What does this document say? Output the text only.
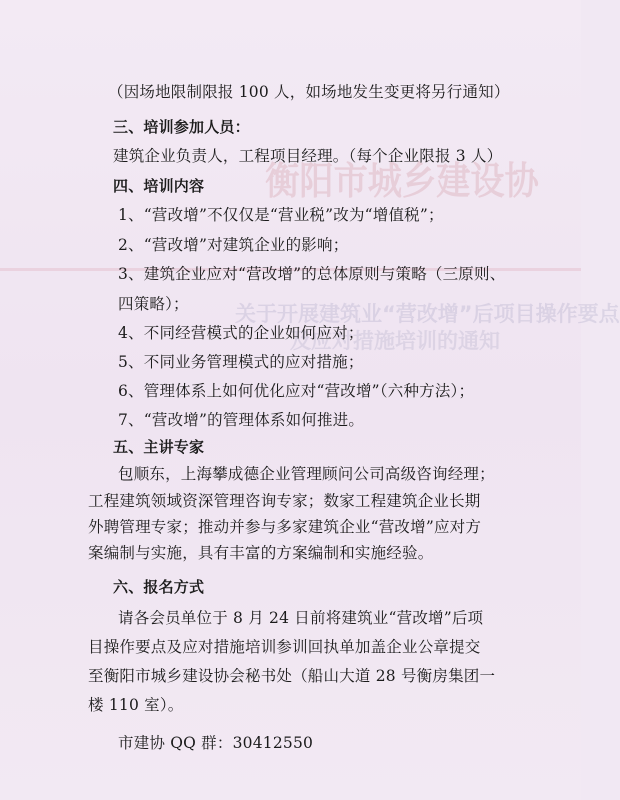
衡阳市城乡建设协
关于开展建筑业“营改增”后项目操作要点
及应对措施培训的通知
（因场地限制限报 100 人，如场地发生变更将另行通知）
三、培训参加人员：
建筑企业负责人，工程项目经理。（每个企业限报 3 人）
四、培训内容
1、“营改增”不仅仅是“营业税”改为“增值税”；
2、“营改增”对建筑企业的影响；
3、建筑企业应对“营改增”的总体原则与策略（三原则、
四策略）；
4、不同经营模式的企业如何应对；
5、不同业务管理模式的应对措施；
6、管理体系上如何优化应对“营改增”（六种方法）；
7、“营改增”的管理体系如何推进。
五、主讲专家
包顺东，上海攀成德企业管理顾问公司高级咨询经理；
工程建筑领域资深管理咨询专家；数家工程建筑企业长期
外聘管理专家；推动并参与多家建筑企业“营改增”应对方
案编制与实施，具有丰富的方案编制和实施经验。
六、报名方式
请各会员单位于 8 月 24 日前将建筑业“营改增”后项
目操作要点及应对措施培训参训回执单加盖企业公章提交
至衡阳市城乡建设协会秘书处（船山大道 28 号衡房集团一
楼 110 室）。
市建协 QQ 群：30412550
